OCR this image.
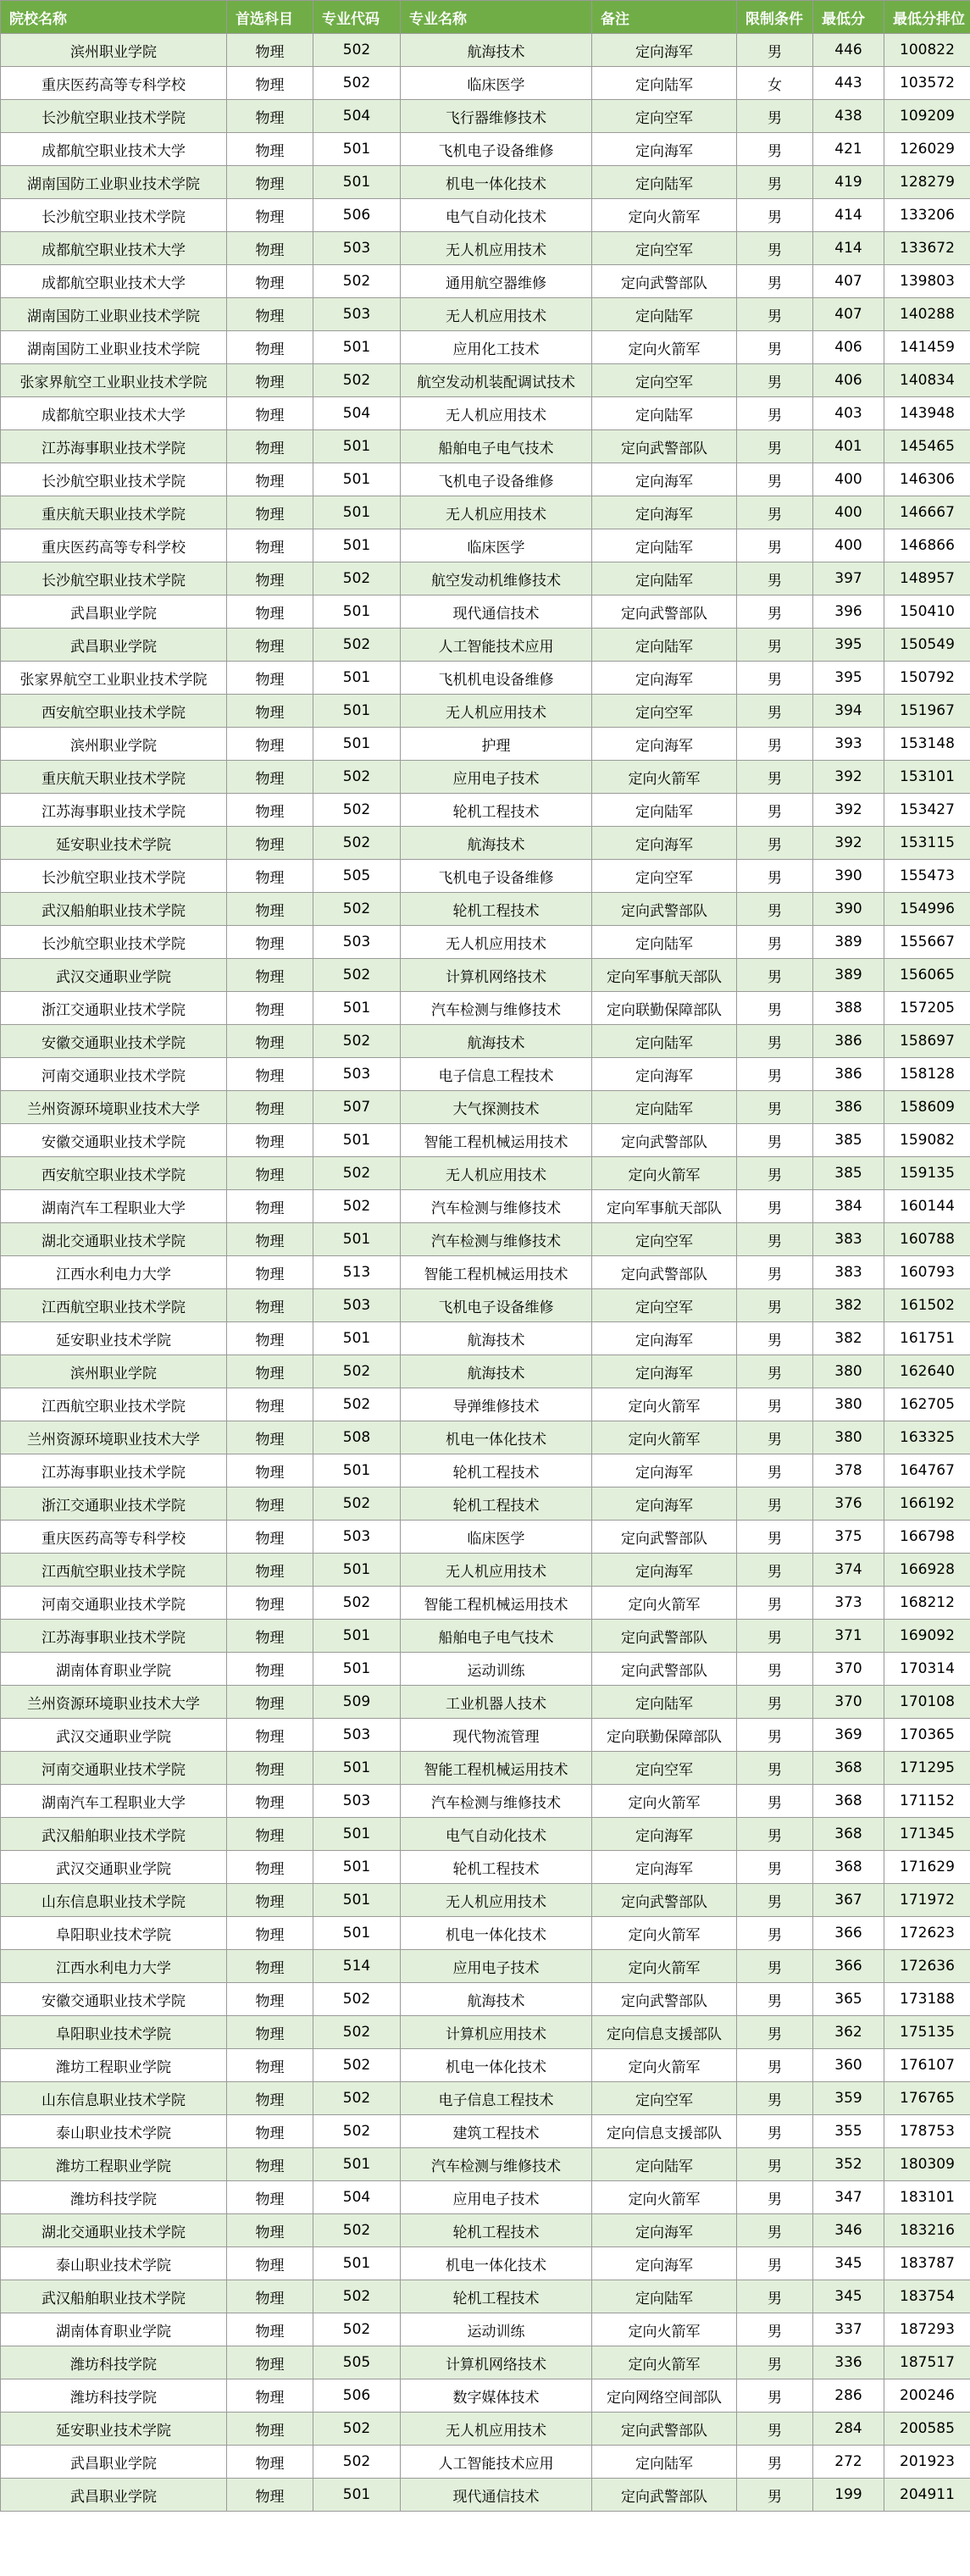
院校名称	首选科目	专业代码	专业名称	备注	限制条件	最低分	最低分排位
滨州职业学院	物理	502	航海技术	定向海军	男	446	100822
重庆医药高等专科学校	物理	502	临床医学	定向陆军	女	443	103572
长沙航空职业技术学院	物理	504	飞行器维修技术	定向空军	男	438	109209
成都航空职业技术大学	物理	501	飞机电子设备维修	定向海军	男	421	126029
湖南国防工业职业技术学院	物理	501	机电一体化技术	定向陆军	男	419	128279
长沙航空职业技术学院	物理	506	电气自动化技术	定向火箭军	男	414	133206
成都航空职业技术大学	物理	503	无人机应用技术	定向空军	男	414	133672
成都航空职业技术大学	物理	502	通用航空器维修	定向武警部队	男	407	139803
湖南国防工业职业技术学院	物理	503	无人机应用技术	定向陆军	男	407	140288
湖南国防工业职业技术学院	物理	501	应用化工技术	定向火箭军	男	406	141459
张家界航空工业职业技术学院	物理	502	航空发动机装配调试技术	定向空军	男	406	140834
成都航空职业技术大学	物理	504	无人机应用技术	定向陆军	男	403	143948
江苏海事职业技术学院	物理	501	船舶电子电气技术	定向武警部队	男	401	145465
长沙航空职业技术学院	物理	501	飞机电子设备维修	定向海军	男	400	146306
重庆航天职业技术学院	物理	501	无人机应用技术	定向海军	男	400	146667
重庆医药高等专科学校	物理	501	临床医学	定向陆军	男	400	146866
长沙航空职业技术学院	物理	502	航空发动机维修技术	定向陆军	男	397	148957
武昌职业学院	物理	501	现代通信技术	定向武警部队	男	396	150410
武昌职业学院	物理	502	人工智能技术应用	定向陆军	男	395	150549
张家界航空工业职业技术学院	物理	501	飞机机电设备维修	定向海军	男	395	150792
西安航空职业技术学院	物理	501	无人机应用技术	定向空军	男	394	151967
滨州职业学院	物理	501	护理	定向海军	男	393	153148
重庆航天职业技术学院	物理	502	应用电子技术	定向火箭军	男	392	153101
江苏海事职业技术学院	物理	502	轮机工程技术	定向陆军	男	392	153427
延安职业技术学院	物理	502	航海技术	定向海军	男	392	153115
长沙航空职业技术学院	物理	505	飞机电子设备维修	定向空军	男	390	155473
武汉船舶职业技术学院	物理	502	轮机工程技术	定向武警部队	男	390	154996
长沙航空职业技术学院	物理	503	无人机应用技术	定向陆军	男	389	155667
武汉交通职业学院	物理	502	计算机网络技术	定向军事航天部队	男	389	156065
浙江交通职业技术学院	物理	501	汽车检测与维修技术	定向联勤保障部队	男	388	157205
安徽交通职业技术学院	物理	502	航海技术	定向陆军	男	386	158697
河南交通职业技术学院	物理	503	电子信息工程技术	定向海军	男	386	158128
兰州资源环境职业技术大学	物理	507	大气探测技术	定向陆军	男	386	158609
安徽交通职业技术学院	物理	501	智能工程机械运用技术	定向武警部队	男	385	159082
西安航空职业技术学院	物理	502	无人机应用技术	定向火箭军	男	385	159135
湖南汽车工程职业大学	物理	502	汽车检测与维修技术	定向军事航天部队	男	384	160144
湖北交通职业技术学院	物理	501	汽车检测与维修技术	定向空军	男	383	160788
江西水利电力大学	物理	513	智能工程机械运用技术	定向武警部队	男	383	160793
江西航空职业技术学院	物理	503	飞机电子设备维修	定向空军	男	382	161502
延安职业技术学院	物理	501	航海技术	定向海军	男	382	161751
滨州职业学院	物理	502	航海技术	定向海军	男	380	162640
江西航空职业技术学院	物理	502	导弹维修技术	定向火箭军	男	380	162705
兰州资源环境职业技术大学	物理	508	机电一体化技术	定向火箭军	男	380	163325
江苏海事职业技术学院	物理	501	轮机工程技术	定向海军	男	378	164767
浙江交通职业技术学院	物理	502	轮机工程技术	定向海军	男	376	166192
重庆医药高等专科学校	物理	503	临床医学	定向武警部队	男	375	166798
江西航空职业技术学院	物理	501	无人机应用技术	定向海军	男	374	166928
河南交通职业技术学院	物理	502	智能工程机械运用技术	定向火箭军	男	373	168212
江苏海事职业技术学院	物理	501	船舶电子电气技术	定向武警部队	男	371	169092
湖南体育职业学院	物理	501	运动训练	定向武警部队	男	370	170314
兰州资源环境职业技术大学	物理	509	工业机器人技术	定向陆军	男	370	170108
武汉交通职业学院	物理	503	现代物流管理	定向联勤保障部队	男	369	170365
河南交通职业技术学院	物理	501	智能工程机械运用技术	定向空军	男	368	171295
湖南汽车工程职业大学	物理	503	汽车检测与维修技术	定向火箭军	男	368	171152
武汉船舶职业技术学院	物理	501	电气自动化技术	定向海军	男	368	171345
武汉交通职业学院	物理	501	轮机工程技术	定向海军	男	368	171629
山东信息职业技术学院	物理	501	无人机应用技术	定向武警部队	男	367	171972
阜阳职业技术学院	物理	501	机电一体化技术	定向火箭军	男	366	172623
江西水利电力大学	物理	514	应用电子技术	定向火箭军	男	366	172636
安徽交通职业技术学院	物理	502	航海技术	定向武警部队	男	365	173188
阜阳职业技术学院	物理	502	计算机应用技术	定向信息支援部队	男	362	175135
潍坊工程职业学院	物理	502	机电一体化技术	定向火箭军	男	360	176107
山东信息职业技术学院	物理	502	电子信息工程技术	定向空军	男	359	176765
泰山职业技术学院	物理	502	建筑工程技术	定向信息支援部队	男	355	178753
潍坊工程职业学院	物理	501	汽车检测与维修技术	定向陆军	男	352	180309
潍坊科技学院	物理	504	应用电子技术	定向火箭军	男	347	183101
湖北交通职业技术学院	物理	502	轮机工程技术	定向海军	男	346	183216
泰山职业技术学院	物理	501	机电一体化技术	定向海军	男	345	183787
武汉船舶职业技术学院	物理	502	轮机工程技术	定向陆军	男	345	183754
湖南体育职业学院	物理	502	运动训练	定向火箭军	男	337	187293
潍坊科技学院	物理	505	计算机网络技术	定向火箭军	男	336	187517
潍坊科技学院	物理	506	数字媒体技术	定向网络空间部队	男	286	200246
延安职业技术学院	物理	502	无人机应用技术	定向武警部队	男	284	200585
武昌职业学院	物理	502	人工智能技术应用	定向陆军	男	272	201923
武昌职业学院	物理	501	现代通信技术	定向武警部队	男	199	204911
